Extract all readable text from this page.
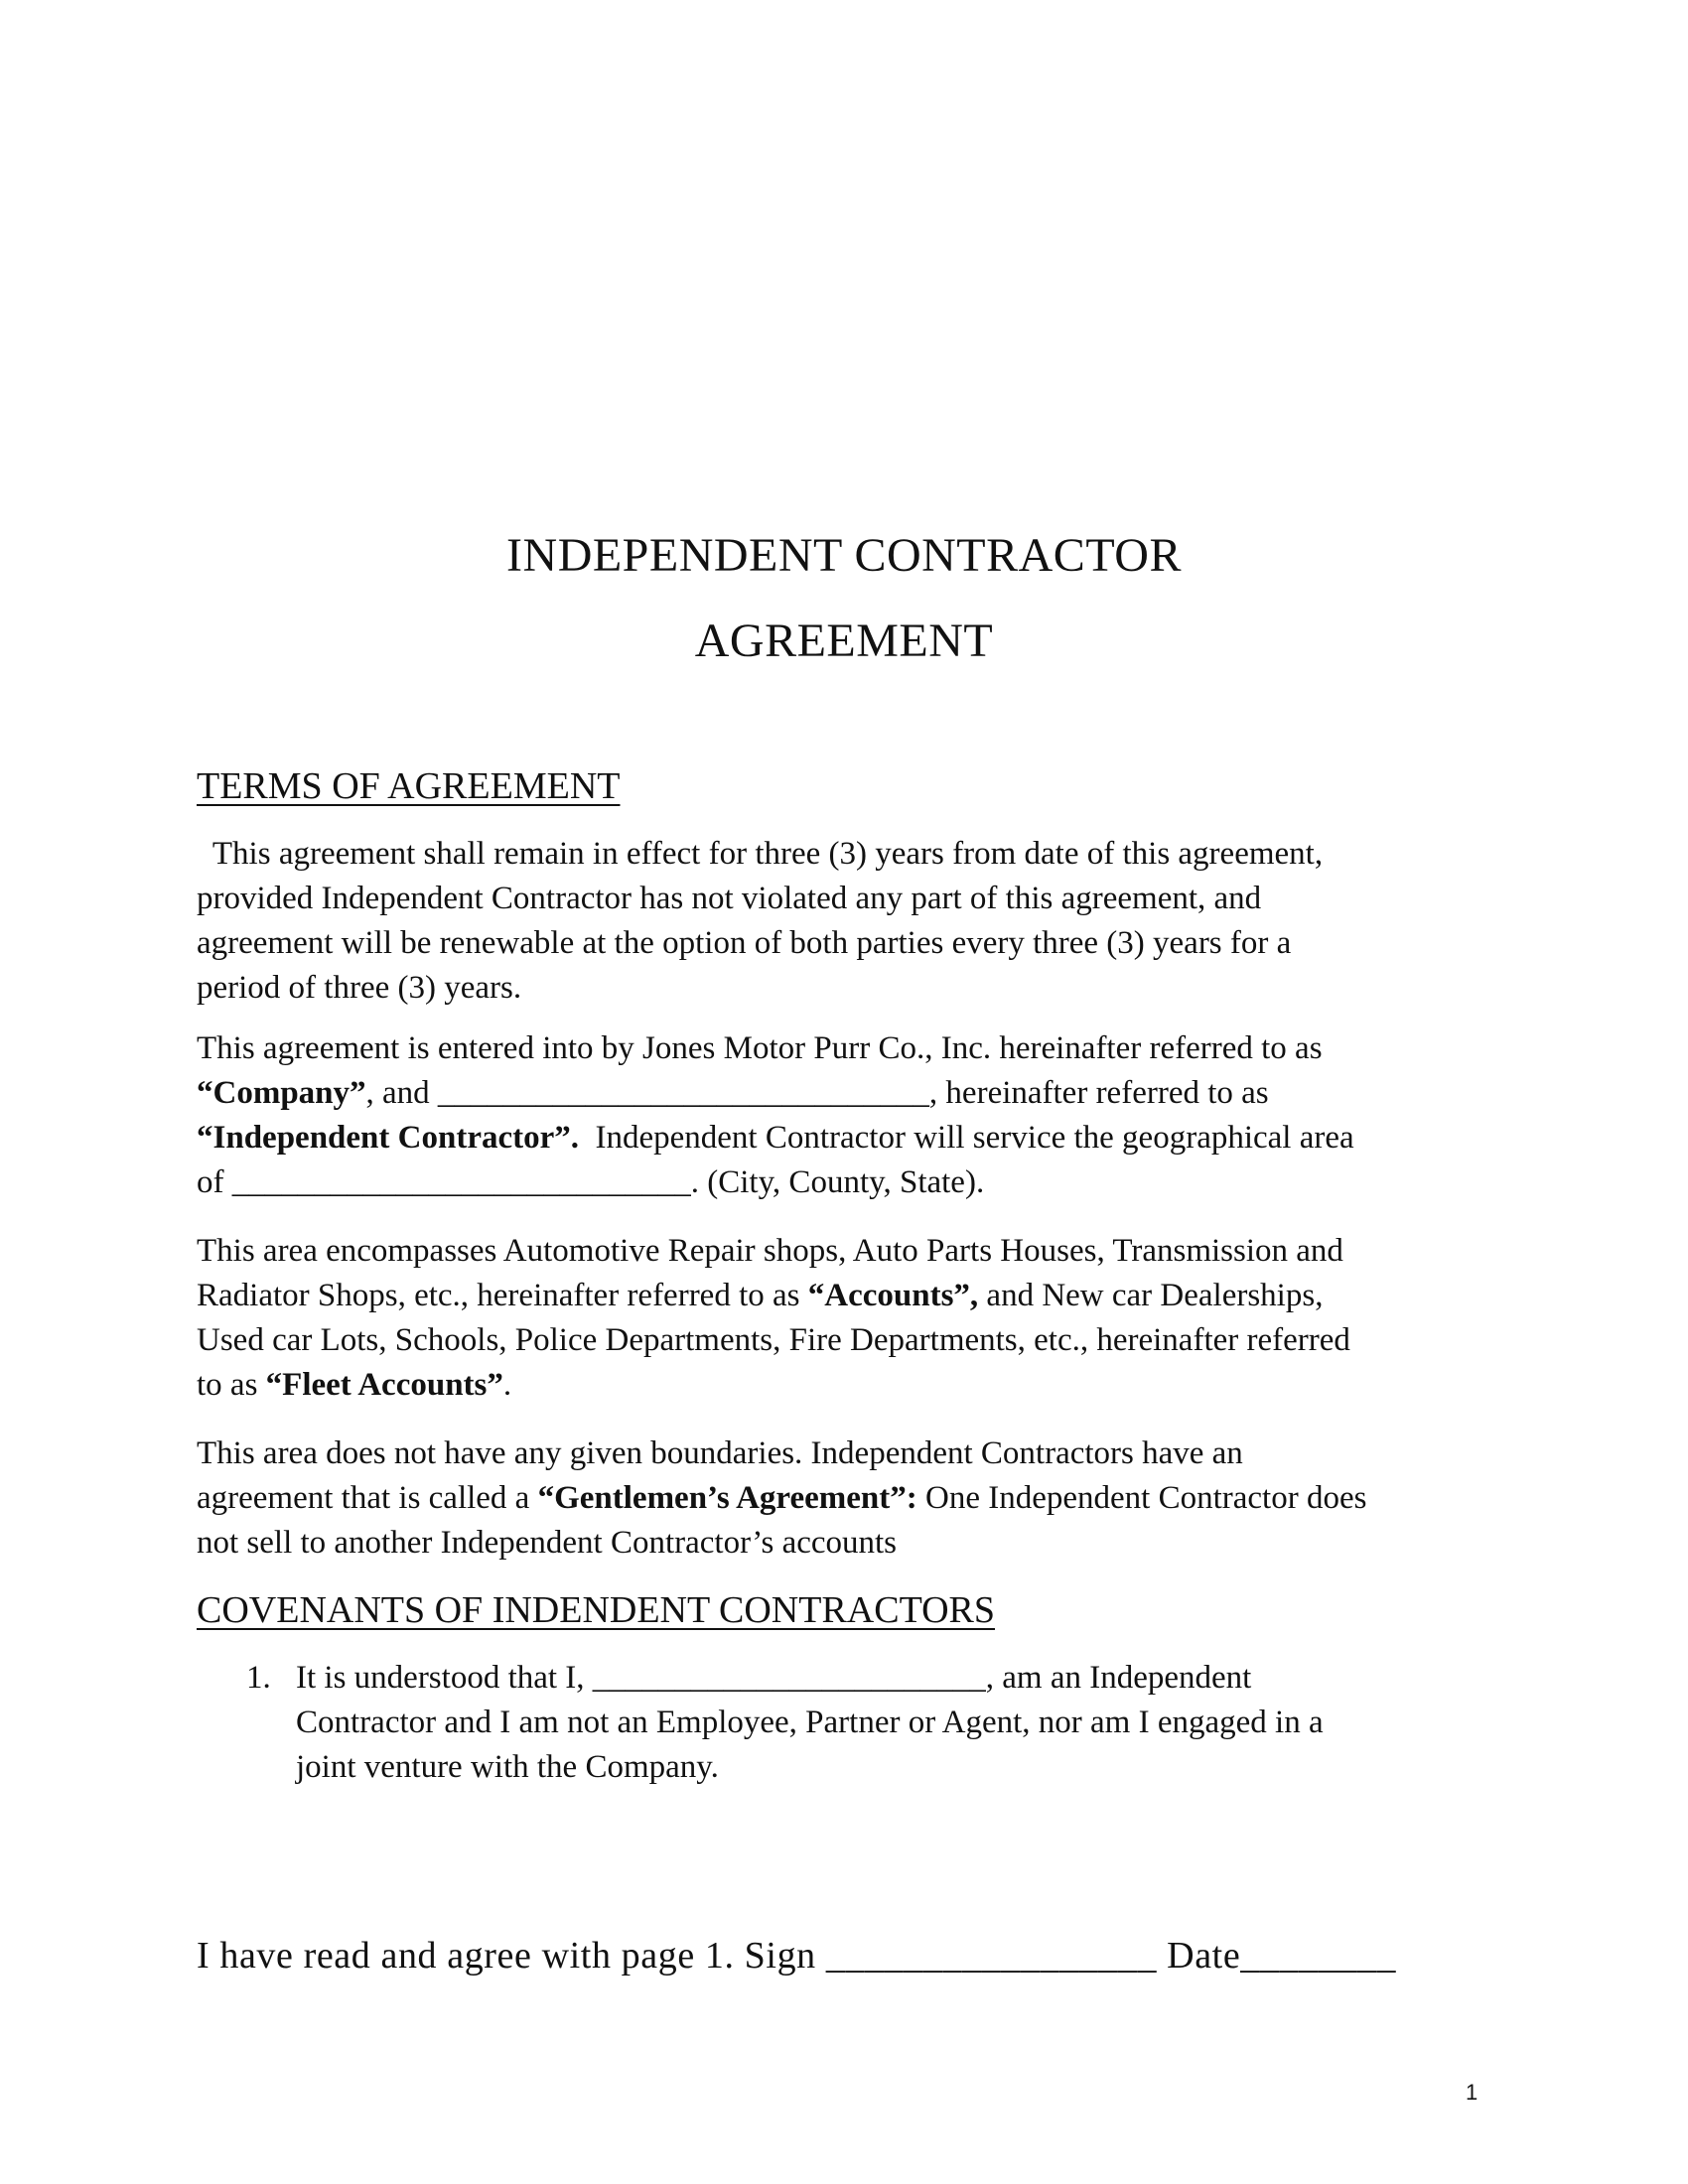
INDEPENDENT CONTRACTOR
AGREEMENT
TERMS OF AGREEMENT
This agreement shall remain in effect for three (3) years from date of this agreement,
provided Independent Contractor has not violated any part of this agreement, and
agreement will be renewable at the option of both parties every three (3) years for a
period of three (3) years.
This agreement is entered into by Jones Motor Purr Co., Inc. hereinafter referred to as
“Company”, and ______________________________, hereinafter referred to as
“Independent Contractor”.  Independent Contractor will service the geographical area
of ____________________________. (City, County, State).
This area encompasses Automotive Repair shops, Auto Parts Houses, Transmission and
Radiator Shops, etc., hereinafter referred to as “Accounts”, and New car Dealerships,
Used car Lots, Schools, Police Departments, Fire Departments, etc., hereinafter referred
to as “Fleet Accounts”.
This area does not have any given boundaries. Independent Contractors have an
agreement that is called a “Gentlemen’s Agreement”: One Independent Contractor does
not sell to another Independent Contractor’s accounts
COVENANTS OF INDENDENT CONTRACTORS
1. It is understood that I, ________________________, am an Independent
Contractor and I am not an Employee, Partner or Agent, nor am I engaged in a
joint venture with the Company.
I have read and agree with page 1. Sign _________________ Date________
1
